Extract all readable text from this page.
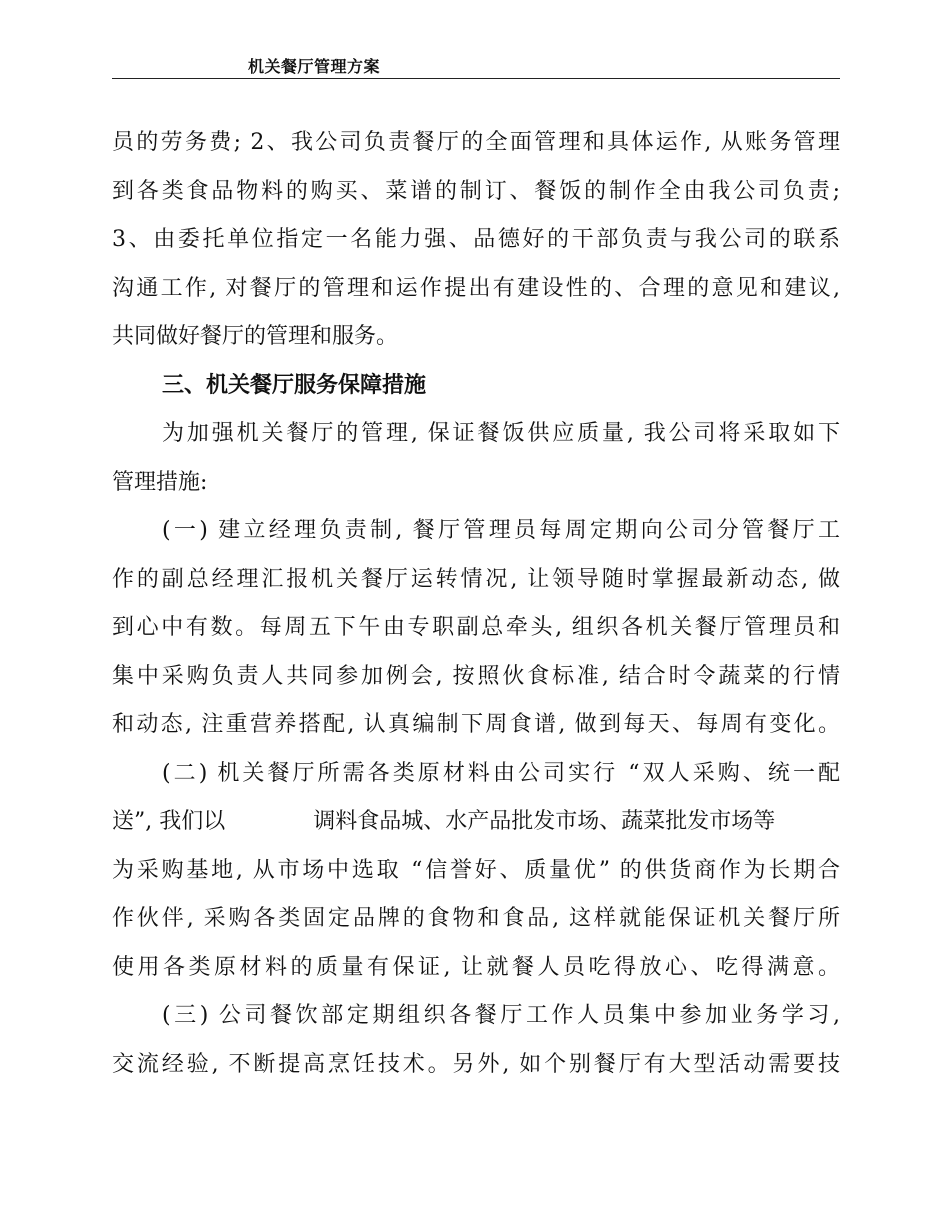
机关餐厅管理方案
员的劳务费; 2、我公司负责餐厅的全面管理和具体运作, 从账务管理
到各类食品物料的购买、菜谱的制订、餐饭的制作全由我公司负责;
3、由委托单位指定一名能力强、品德好的干部负责与我公司的联系
沟通工作, 对餐厅的管理和运作提出有建设性的、合理的意见和建议,
共同做好餐厅的管理和服务。
三、机关餐厅服务保障措施
为加强机关餐厅的管理, 保证餐饭供应质量, 我公司将采取如下
管理措施:
(一) 建立经理负责制, 餐厅管理员每周定期向公司分管餐厅工
作的副总经理汇报机关餐厅运转情况, 让领导随时掌握最新动态, 做
到心中有数。每周五下午由专职副总牵头, 组织各机关餐厅管理员和
集中采购负责人共同参加例会, 按照伙食标准, 结合时令蔬菜的行情
和动态, 注重营养搭配, 认真编制下周食谱, 做到每天、每周有变化。
(二) 机关餐厅所需各类原材料由公司实行 “双人采购、统一配
送”, 我们以	调料食品城、水产品批发市场、蔬菜批发市场等
为采购基地, 从市场中选取 “信誉好、质量优” 的供货商作为长期合
作伙伴, 采购各类固定品牌的食物和食品, 这样就能保证机关餐厅所
使用各类原材料的质量有保证, 让就餐人员吃得放心、吃得满意。
(三) 公司餐饮部定期组织各餐厅工作人员集中参加业务学习,
交流经验, 不断提高烹饪技术。另外, 如个别餐厅有大型活动需要技
